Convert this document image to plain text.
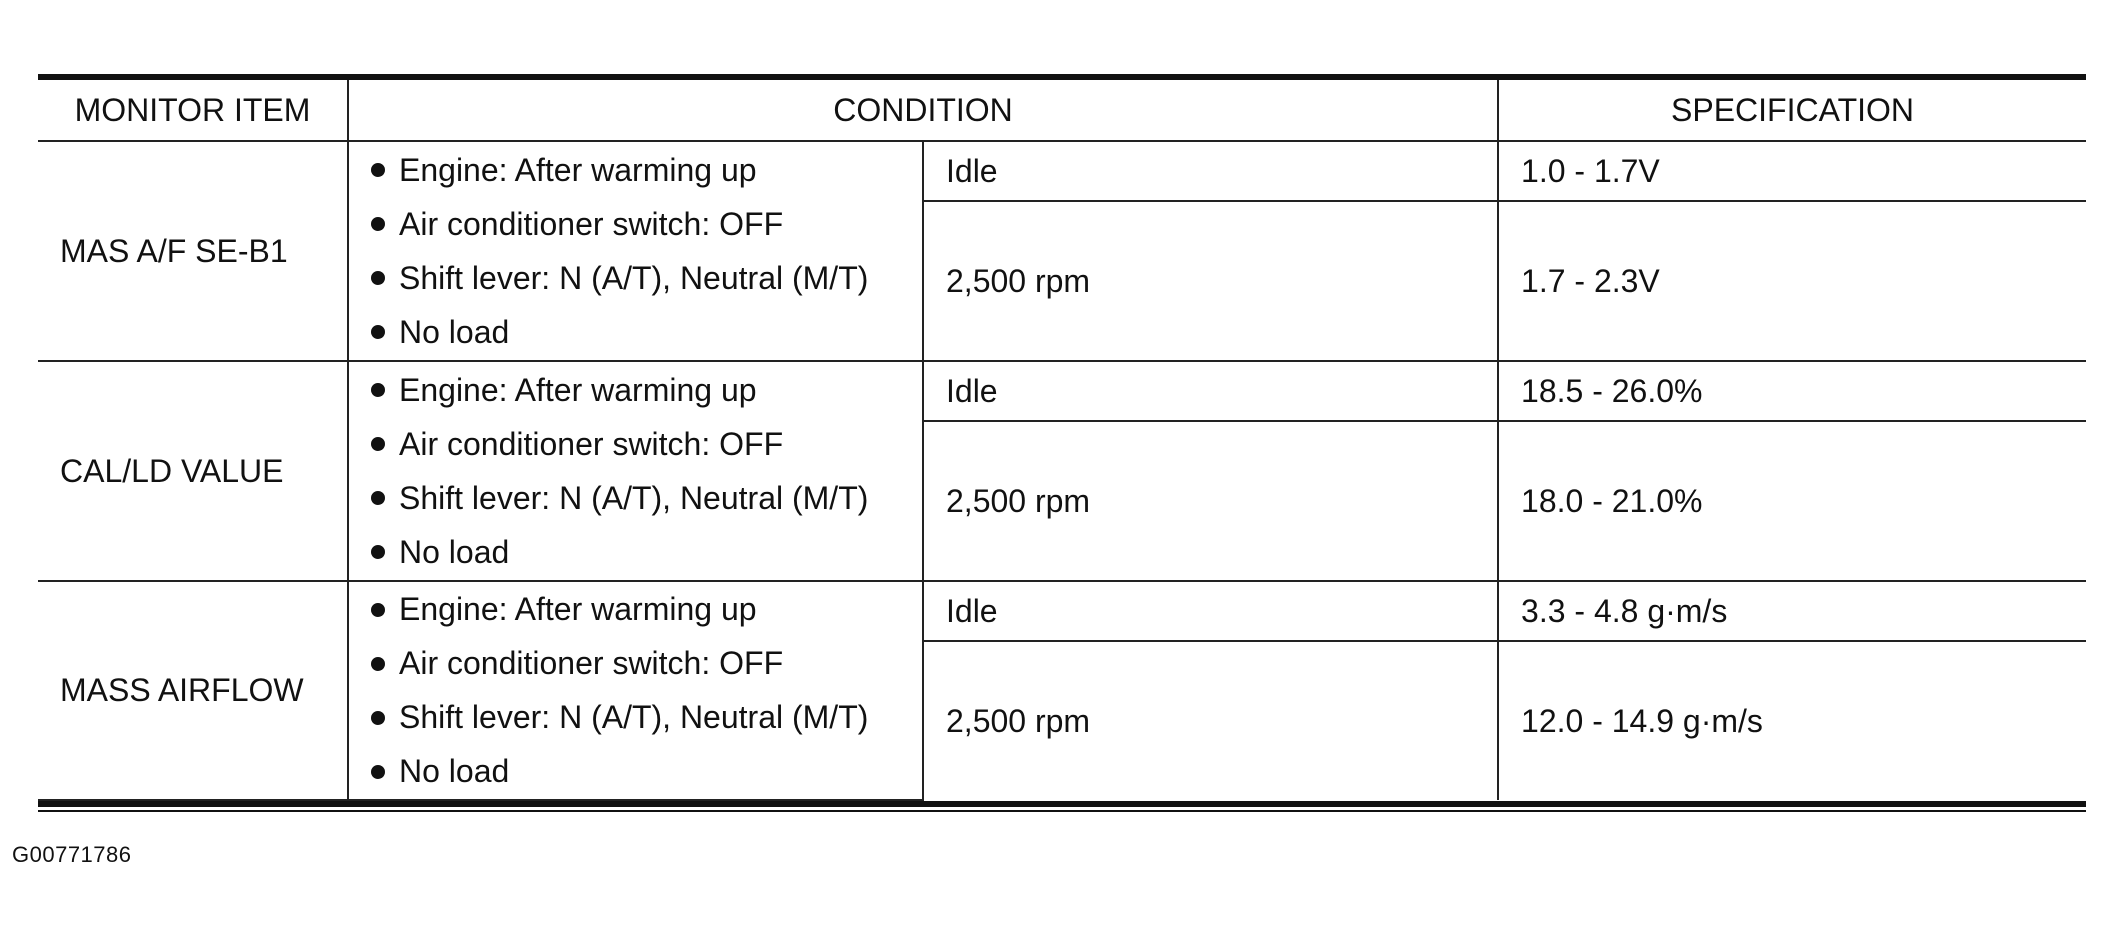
MONITOR ITEM	CONDITION		SPECIFICATION
MAS A/F SE-B1	Engine: After warming up
Air conditioner switch: OFF
Shift lever: N (A/T), Neutral (M/T)
No load	Idle	1.0 - 1.7V
		2,500 rpm	1.7 - 2.3V
CAL/LD VALUE	Engine: After warming up
Air conditioner switch: OFF
Shift lever: N (A/T), Neutral (M/T)
No load	Idle	18.5 - 26.0%
		2,500 rpm	18.0 - 21.0%
MASS AIRFLOW	Engine: After warming up
Air conditioner switch: OFF
Shift lever: N (A/T), Neutral (M/T)
No load	Idle	3.3 - 4.8 g·m/s
		2,500 rpm	12.0 - 14.9 g·m/s
G00771786
